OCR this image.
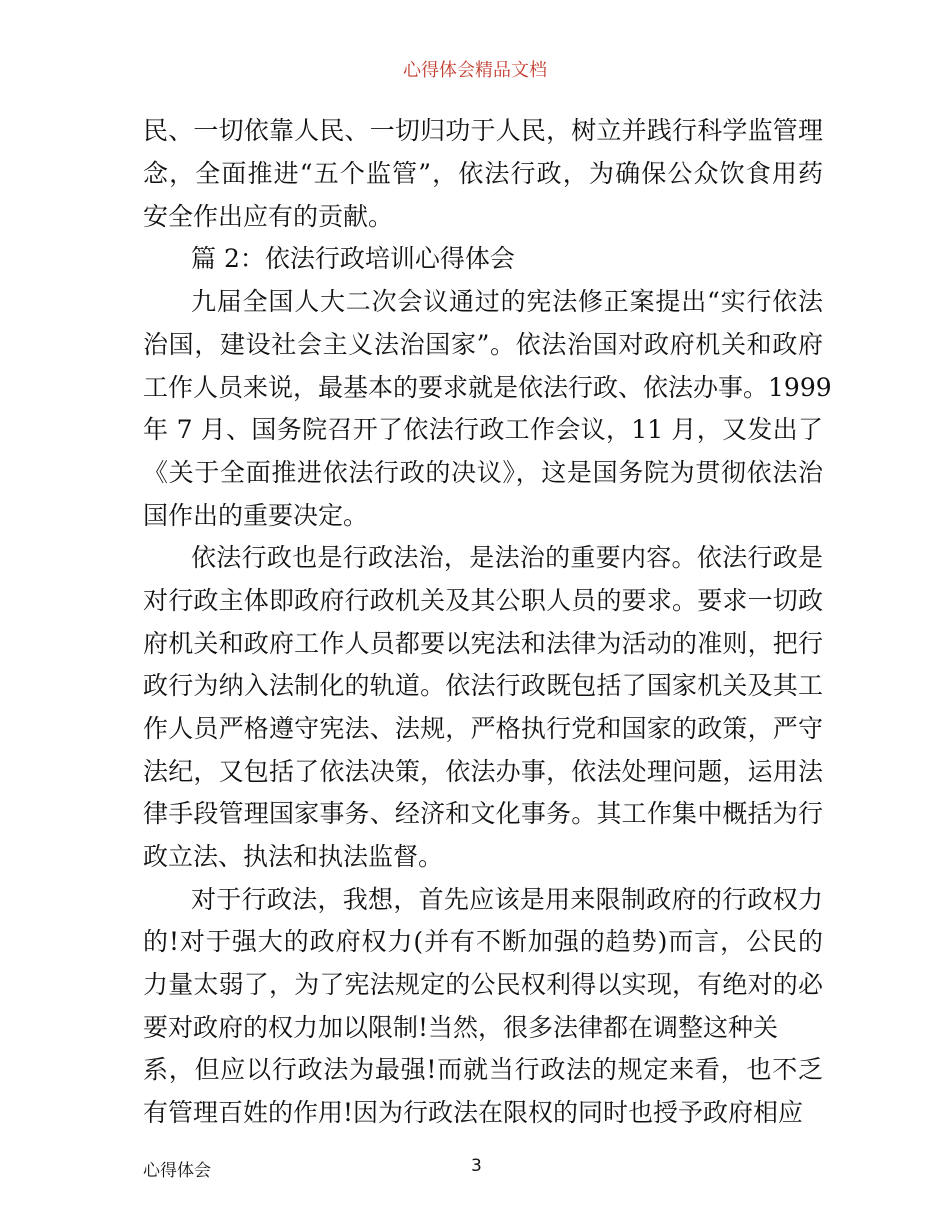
心得体会精品文档
民、一切依靠人民、一切归功于人民，树立并践行科学监管理
念，全面推进“五个监管”，依法行政，为确保公众饮食用药
安全作出应有的贡献。
篇 2：依法行政培训心得体会
九届全国人大二次会议通过的宪法修正案提出“实行依法
治国，建设社会主义法治国家”。依法治国对政府机关和政府
工作人员来说，最基本的要求就是依法行政、依法办事。1999
年 7 月、国务院召开了依法行政工作会议，11 月，又发出了
《关于全面推进依法行政的决议》，这是国务院为贯彻依法治
国作出的重要决定。
依法行政也是行政法治，是法治的重要内容。依法行政是
对行政主体即政府行政机关及其公职人员的要求。要求一切政
府机关和政府工作人员都要以宪法和法律为活动的准则，把行
政行为纳入法制化的轨道。依法行政既包括了国家机关及其工
作人员严格遵守宪法、法规，严格执行党和国家的政策，严守
法纪，又包括了依法决策，依法办事，依法处理问题，运用法
律手段管理国家事务、经济和文化事务。其工作集中概括为行
政立法、执法和执法监督。
对于行政法，我想，首先应该是用来限制政府的行政权力
的!对于强大的政府权力(并有不断加强的趋势)而言，公民的
力量太弱了，为了宪法规定的公民权利得以实现，有绝对的必
要对政府的权力加以限制!当然，很多法律都在调整这种关
系，但应以行政法为最强!而就当行政法的规定来看，也不乏
有管理百姓的作用!因为行政法在限权的同时也授予政府相应
心得体会	3
